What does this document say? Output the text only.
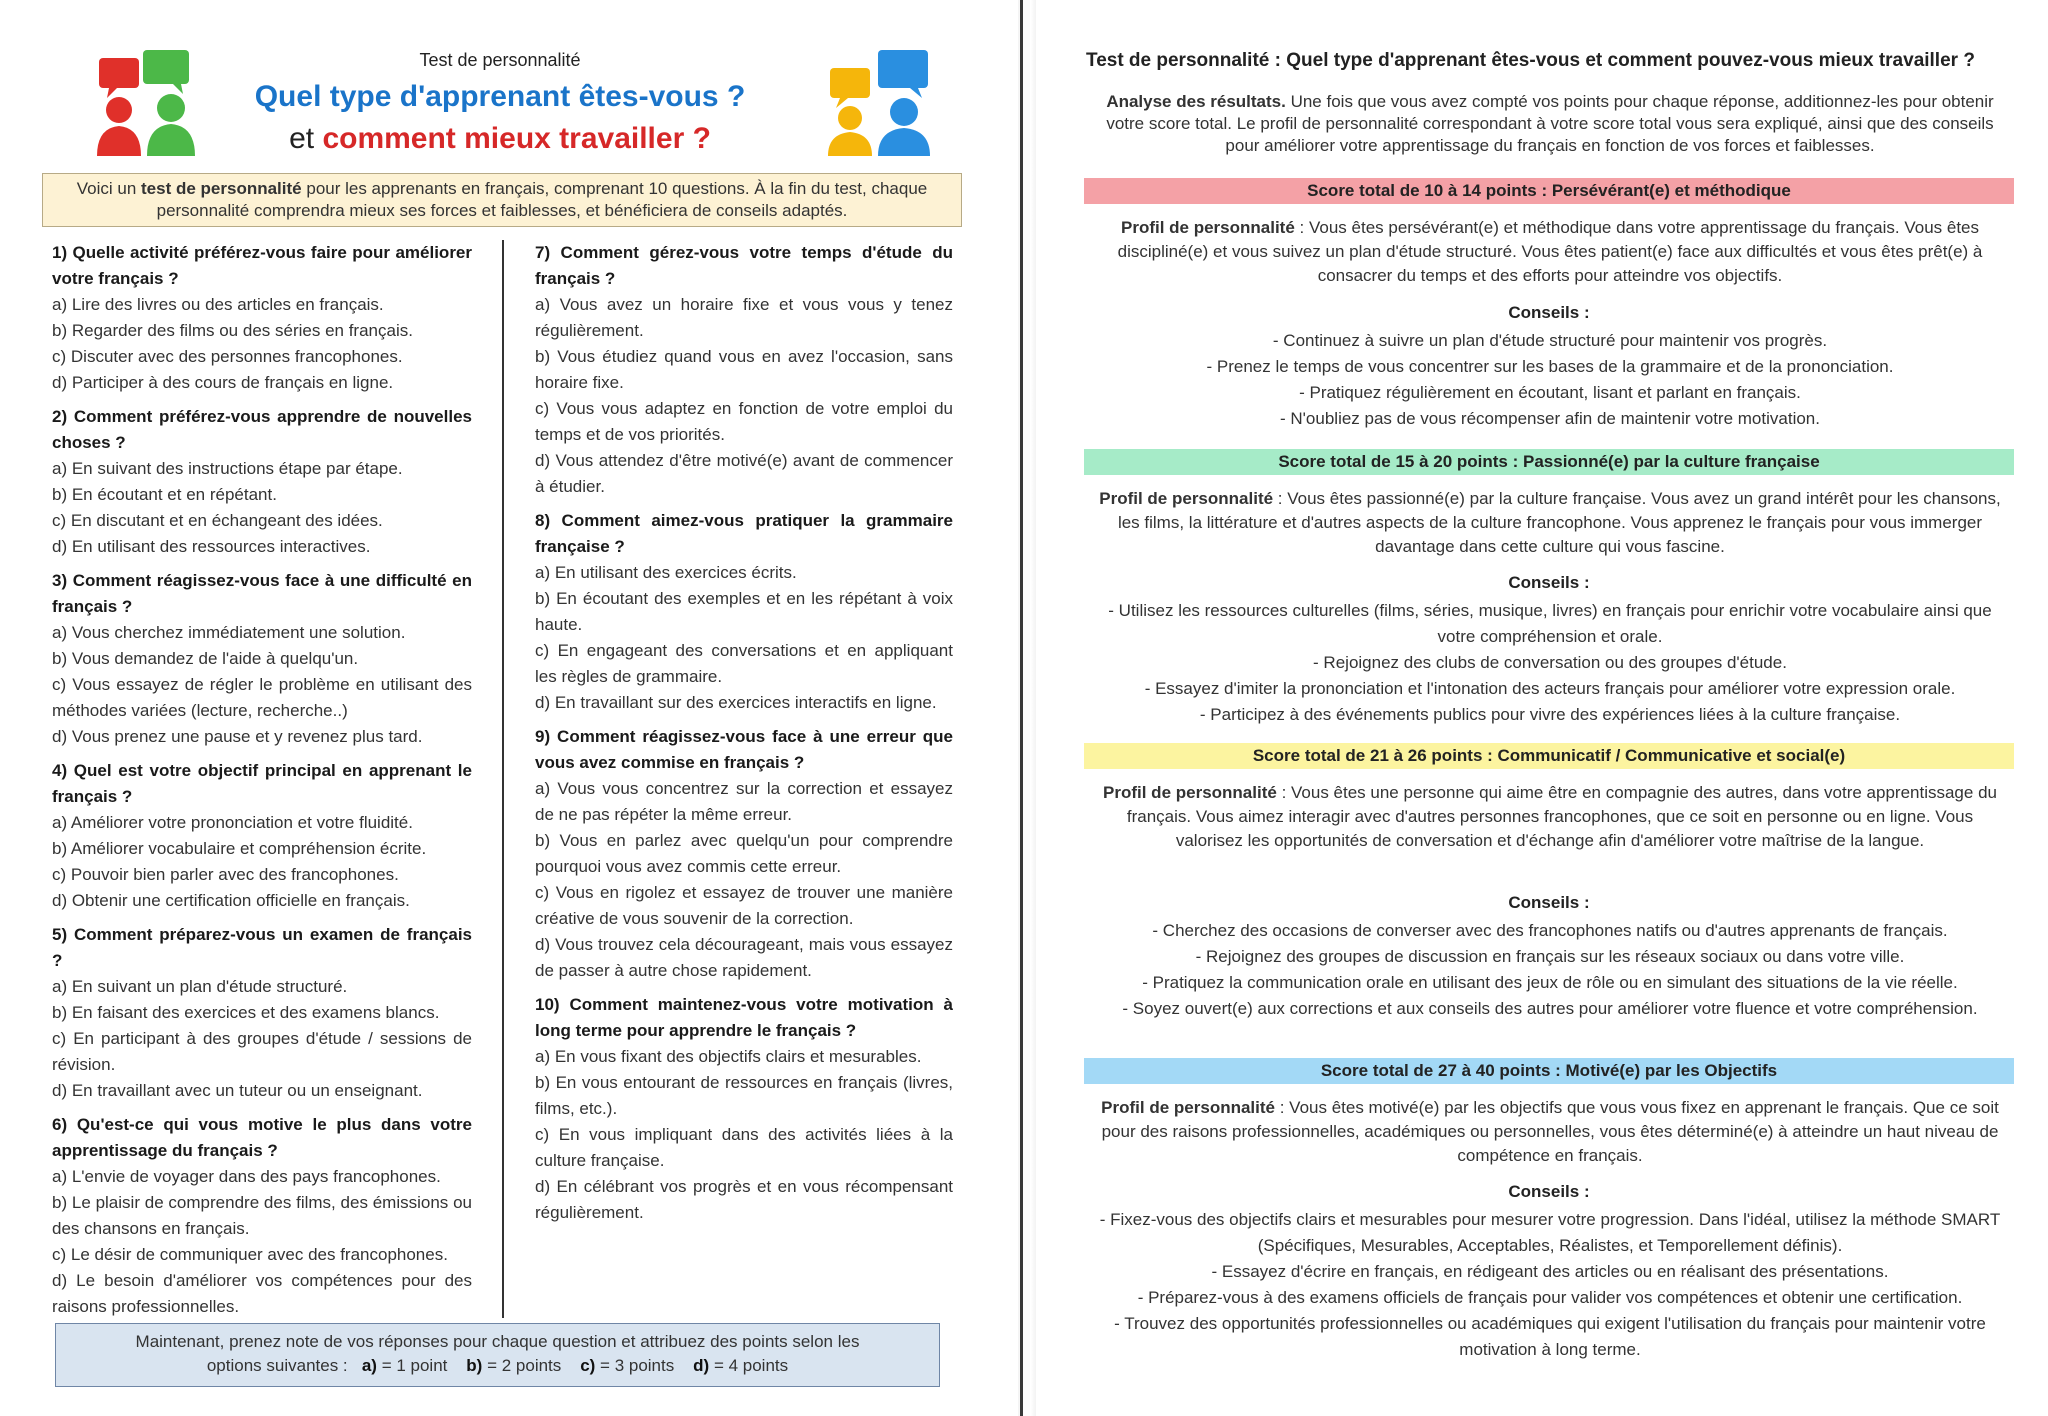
Test de personnalité
Quel type d'apprenant êtes-vous ?
et comment mieux travailler ?
Voici un test de personnalité pour les apprenants en français, comprenant 10 questions. À la fin du test, chaque personnalité comprendra mieux ses forces et faiblesses, et bénéficiera de conseils adaptés.
1) Quelle activité préférez-vous faire pour améliorer votre français ?
a) Lire des livres ou des articles en français.
b) Regarder des films ou des séries en français.
c) Discuter avec des personnes francophones.
d) Participer à des cours de français en ligne.
2) Comment préférez-vous apprendre de nouvelles choses ?
a) En suivant des instructions étape par étape.
b) En écoutant et en répétant.
c) En discutant et en échangeant des idées.
d) En utilisant des ressources interactives.
3) Comment réagissez-vous face à une difficulté en français ?
a) Vous cherchez immédiatement une solution.
b) Vous demandez de l'aide à quelqu'un.
c) Vous essayez de régler le problème en utilisant des méthodes variées (lecture, recherche..)
d) Vous prenez une pause et y revenez plus tard.
4) Quel est votre objectif principal en apprenant le français ?
a) Améliorer votre prononciation et votre fluidité.
b) Améliorer vocabulaire et compréhension écrite.
c) Pouvoir bien parler avec des francophones.
d) Obtenir une certification officielle en français.
5) Comment préparez-vous un examen de français ?
a) En suivant un plan d'étude structuré.
b) En faisant des exercices et des examens blancs.
c) En participant à des groupes d'étude / sessions de révision.
d) En travaillant avec un tuteur ou un enseignant.
6) Qu'est-ce qui vous motive le plus dans votre apprentissage du français ?
a) L'envie de voyager dans des pays francophones.
b) Le plaisir de comprendre des films, des émissions ou des chansons en français.
c) Le désir de communiquer avec des francophones.
d) Le besoin d'améliorer vos compétences pour des raisons professionnelles.
7) Comment gérez-vous votre temps d'étude du français ?
a) Vous avez un horaire fixe et vous vous y tenez régulièrement.
b) Vous étudiez quand vous en avez l'occasion, sans horaire fixe.
c) Vous vous adaptez en fonction de votre emploi du temps et de vos priorités.
d) Vous attendez d'être motivé(e) avant de commencer à étudier.
8) Comment aimez-vous pratiquer la grammaire française ?
a) En utilisant des exercices écrits.
b) En écoutant des exemples et en les répétant à voix haute.
c) En engageant des conversations et en appliquant les règles de grammaire.
d) En travaillant sur des exercices interactifs en ligne.
9) Comment réagissez-vous face à une erreur que vous avez commise en français ?
a) Vous vous concentrez sur la correction et essayez de ne pas répéter la même erreur.
b) Vous en parlez avec quelqu'un pour comprendre pourquoi vous avez commis cette erreur.
c) Vous en rigolez et essayez de trouver une manière créative de vous souvenir de la correction.
d) Vous trouvez cela décourageant, mais vous essayez de passer à autre chose rapidement.
10) Comment maintenez-vous votre motivation à long terme pour apprendre le français ?
a) En vous fixant des objectifs clairs et mesurables.
b) En vous entourant de ressources en français (livres, films, etc.).
c) En vous impliquant dans des activités liées à la culture française.
d) En célébrant vos progrès et en vous récompensant régulièrement.
Maintenant, prenez note de vos réponses pour chaque question et attribuez des points selon les
options suivantes : a) = 1 point b) = 2 points c) = 3 points d) = 4 points
Test de personnalité : Quel type d'apprenant êtes-vous et comment pouvez-vous mieux travailler ?
Analyse des résultats. Une fois que vous avez compté vos points pour chaque réponse, additionnez-les pour obtenir votre score total. Le profil de personnalité correspondant à votre score total vous sera expliqué, ainsi que des conseils pour améliorer votre apprentissage du français en fonction de vos forces et faiblesses.
Score total de 10 à 14 points : Persévérant(e) et méthodique
Profil de personnalité : Vous êtes persévérant(e) et méthodique dans votre apprentissage du français. Vous êtes discipliné(e) et vous suivez un plan d'étude structuré. Vous êtes patient(e) face aux difficultés et vous êtes prêt(e) à consacrer du temps et des efforts pour atteindre vos objectifs.
Conseils :
- Continuez à suivre un plan d'étude structuré pour maintenir vos progrès.
- Prenez le temps de vous concentrer sur les bases de la grammaire et de la prononciation.
- Pratiquez régulièrement en écoutant, lisant et parlant en français.
- N'oubliez pas de vous récompenser afin de maintenir votre motivation.
Score total de 15 à 20 points : Passionné(e) par la culture française
Profil de personnalité : Vous êtes passionné(e) par la culture française. Vous avez un grand intérêt pour les chansons, les films, la littérature et d'autres aspects de la culture francophone. Vous apprenez le français pour vous immerger davantage dans cette culture qui vous fascine.
Conseils :
- Utilisez les ressources culturelles (films, séries, musique, livres) en français pour enrichir votre vocabulaire ainsi que votre compréhension et orale.
- Rejoignez des clubs de conversation ou des groupes d'étude.
- Essayez d'imiter la prononciation et l'intonation des acteurs français pour améliorer votre expression orale.
- Participez à des événements publics pour vivre des expériences liées à la culture française.
Score total de 21 à 26 points : Communicatif / Communicative et social(e)
Profil de personnalité : Vous êtes une personne qui aime être en compagnie des autres, dans votre apprentissage du français. Vous aimez interagir avec d'autres personnes francophones, que ce soit en personne ou en ligne. Vous valorisez les opportunités de conversation et d'échange afin d'améliorer votre maîtrise de la langue.
Conseils :
- Cherchez des occasions de converser avec des francophones natifs ou d'autres apprenants de français.
- Rejoignez des groupes de discussion en français sur les réseaux sociaux ou dans votre ville.
- Pratiquez la communication orale en utilisant des jeux de rôle ou en simulant des situations de la vie réelle.
- Soyez ouvert(e) aux corrections et aux conseils des autres pour améliorer votre fluence et votre compréhension.
Score total de 27 à 40 points : Motivé(e) par les Objectifs
Profil de personnalité : Vous êtes motivé(e) par les objectifs que vous vous fixez en apprenant le français. Que ce soit pour des raisons professionnelles, académiques ou personnelles, vous êtes déterminé(e) à atteindre un haut niveau de compétence en français.
Conseils :
- Fixez-vous des objectifs clairs et mesurables pour mesurer votre progression. Dans l'idéal, utilisez la méthode SMART (Spécifiques, Mesurables, Acceptables, Réalistes, et Temporellement définis).
- Essayez d'écrire en français, en rédigeant des articles ou en réalisant des présentations.
- Préparez-vous à des examens officiels de français pour valider vos compétences et obtenir une certification.
- Trouvez des opportunités professionnelles ou académiques qui exigent l'utilisation du français pour maintenir votre motivation à long terme.
